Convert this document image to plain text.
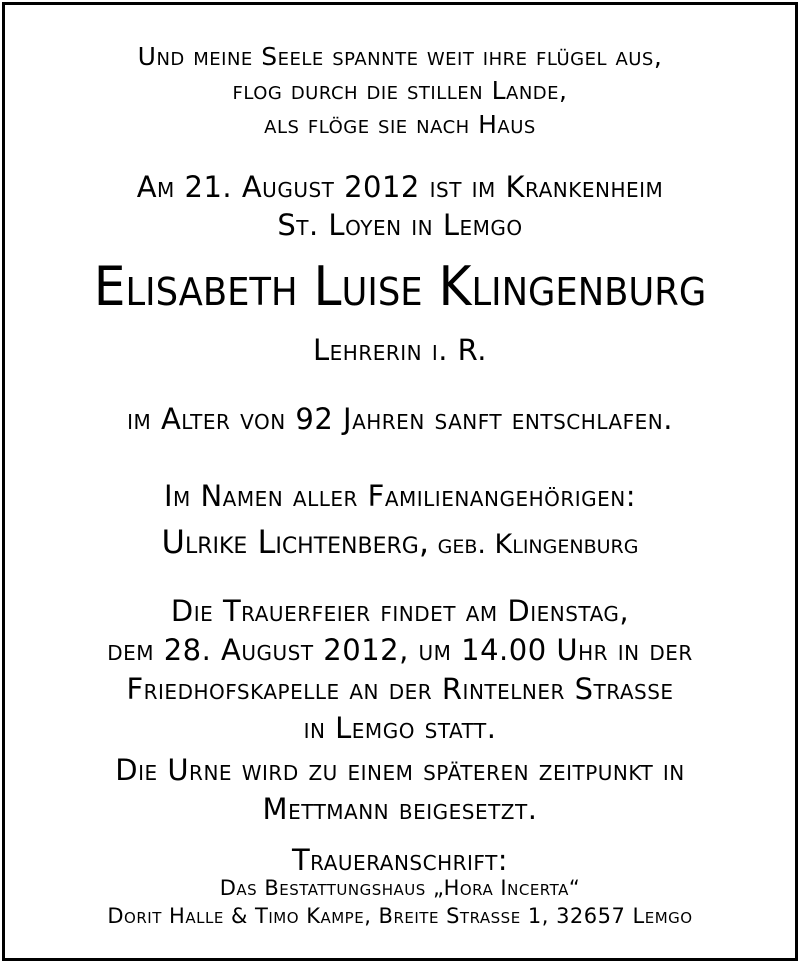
Und meine Seele spannte weit ihre flügel aus,
flog durch die stillen Lande,
als flöge sie nach Haus
Am 21. August 2012 ist im Krankenheim
St. Loyen in Lemgo
Elisabeth Luise Klingenburg
Lehrerin i. R.
im Alter von 92 Jahren sanft entschlafen.
Im Namen aller Familienangehörigen:
Ulrike Lichtenberg, geb. Klingenburg
Die Trauerfeier findet am Dienstag,
dem 28. August 2012, um 14.00 Uhr in der
Friedhofskapelle an der Rintelner Strasse
in Lemgo statt.
Die Urne wird zu einem späteren zeitpunkt in
Mettmann beigesetzt.
Traueranschrift:
Das Bestattungshaus „Hora Incerta“
Dorit Halle & Timo Kampe, Breite Strasse 1, 32657 Lemgo
